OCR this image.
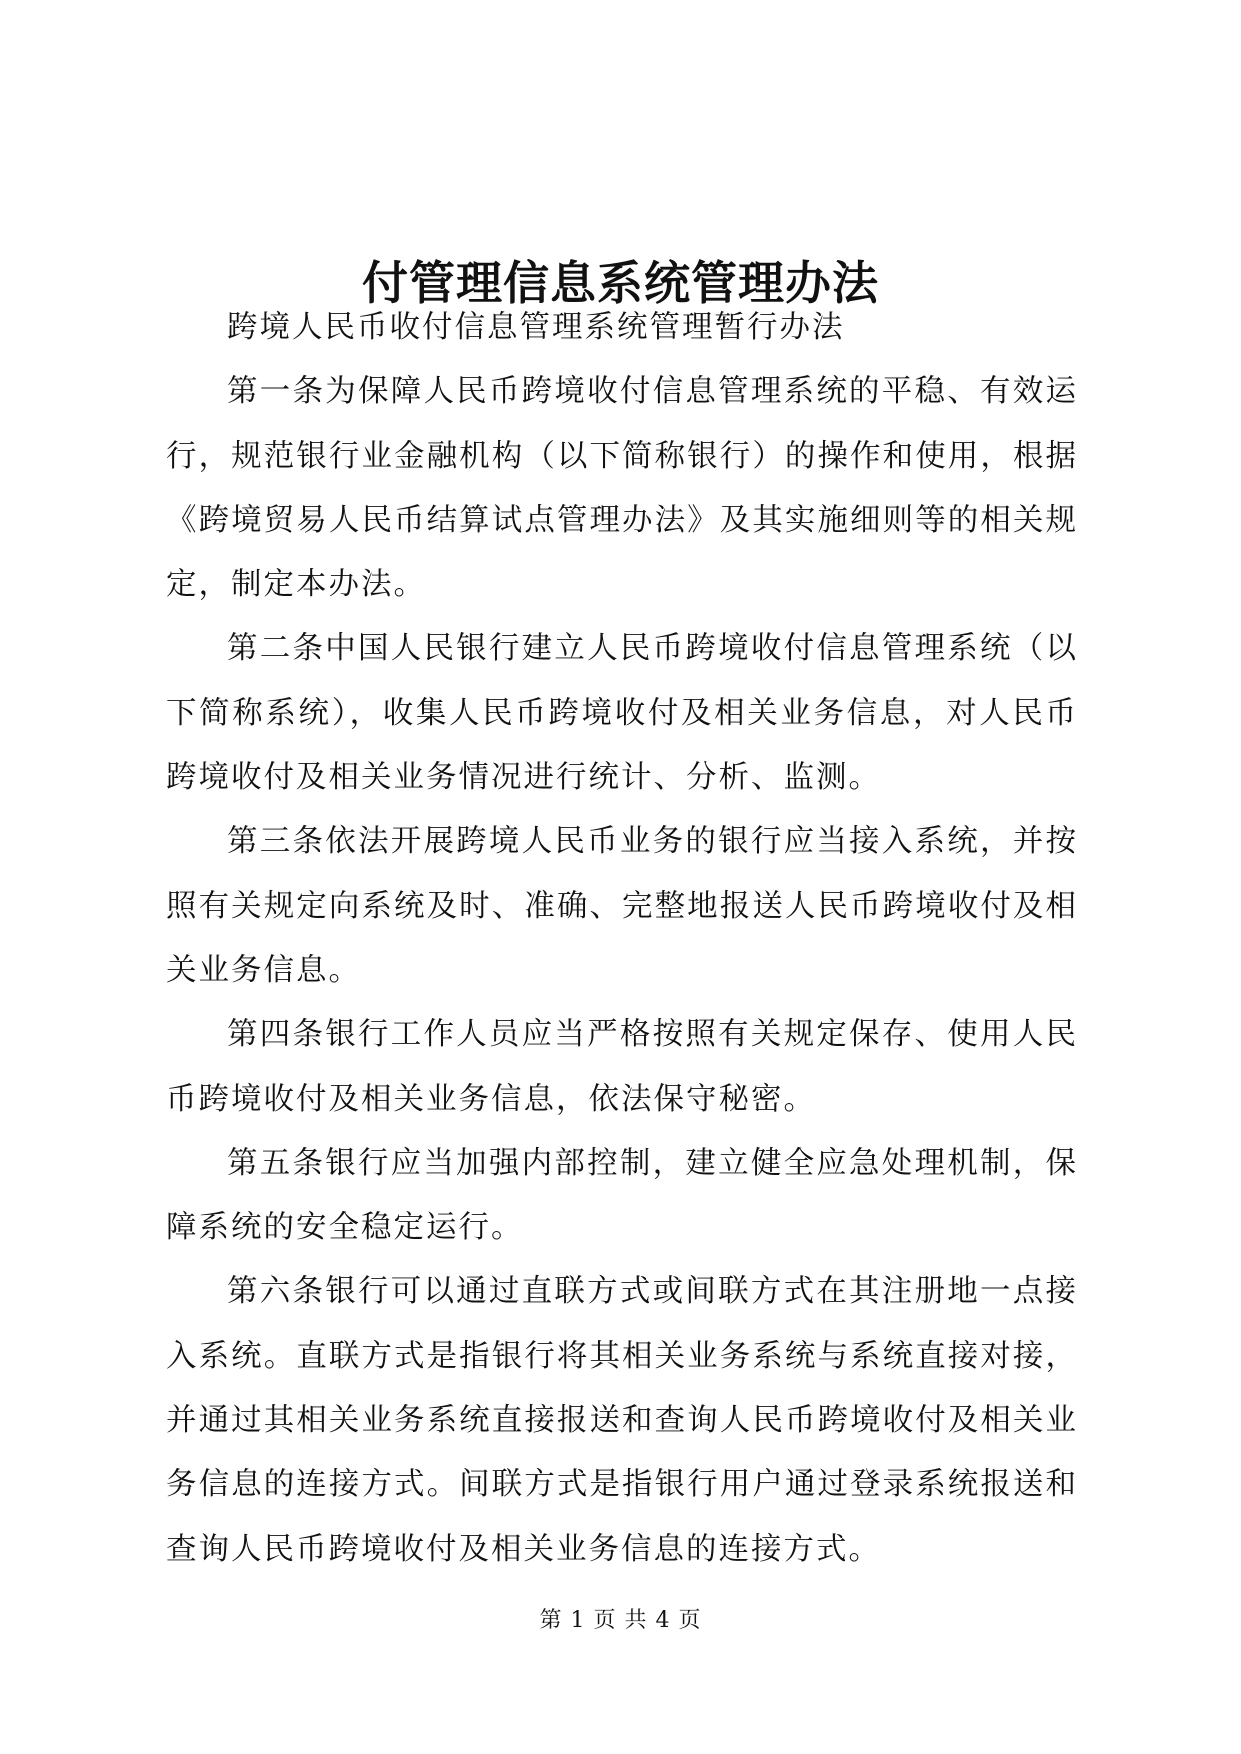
付管理信息系统管理办法

跨境人民币收付信息管理系统管理暂行办法

第一条为保障人民币跨境收付信息管理系统的平稳、有效运行，规范银行业金融机构（以下简称银行）的操作和使用，根据《跨境贸易人民币结算试点管理办法》及其实施细则等的相关规定，制定本办法。

第二条中国人民银行建立人民币跨境收付信息管理系统（以下简称系统），收集人民币跨境收付及相关业务信息，对人民币跨境收付及相关业务情况进行统计、分析、监测。

第三条依法开展跨境人民币业务的银行应当接入系统，并按照有关规定向系统及时、准确、完整地报送人民币跨境收付及相关业务信息。

第四条银行工作人员应当严格按照有关规定保存、使用人民币跨境收付及相关业务信息，依法保守秘密。

第五条银行应当加强内部控制，建立健全应急处理机制，保障系统的安全稳定运行。

第六条银行可以通过直联方式或间联方式在其注册地一点接入系统。直联方式是指银行将其相关业务系统与系统直接对接，并通过其相关业务系统直接报送和查询人民币跨境收付及相关业务信息的连接方式。间联方式是指银行用户通过登录系统报送和查询人民币跨境收付及相关业务信息的连接方式。

第 1 页 共 4 页
